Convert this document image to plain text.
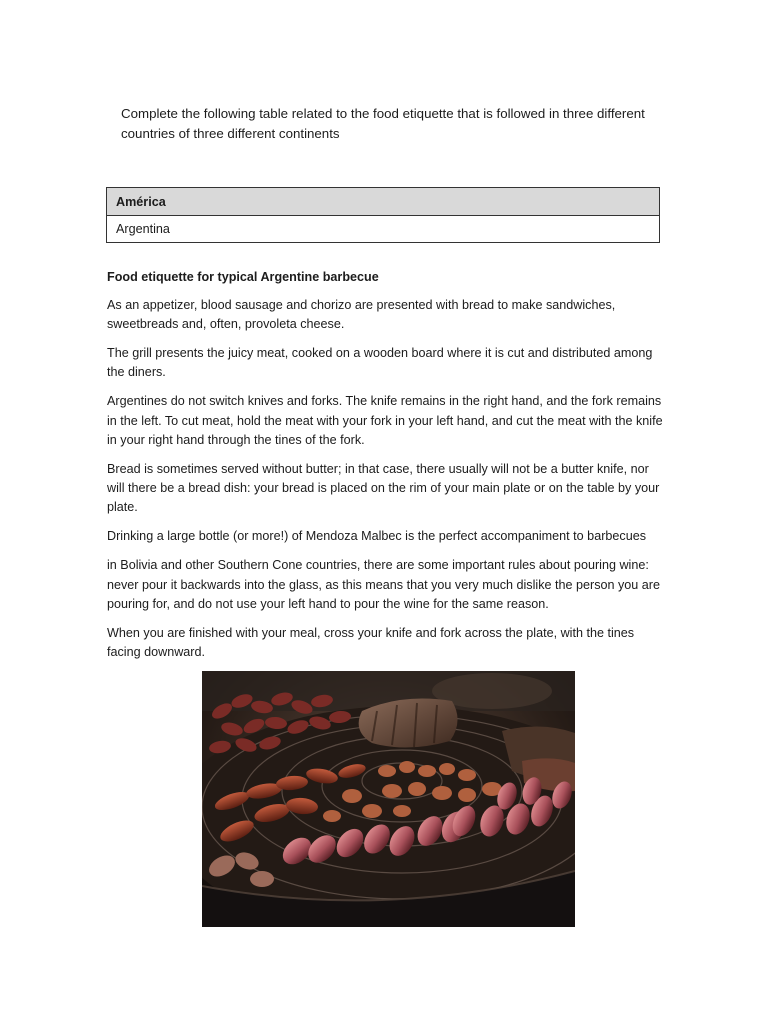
Complete the following table related to the food etiquette that is followed in three different countries of three different continents

América
Argentina
Food etiquette for typical Argentine barbecue

As an appetizer, blood sausage and chorizo are presented with bread to make sandwiches, sweetbreads and, often, provoleta cheese.

The grill presents the juicy meat, cooked on a wooden board where it is cut and distributed among the diners.

Argentines do not switch knives and forks. The knife remains in the right hand, and the fork remains in the left. To cut meat, hold the meat with your fork in your left hand, and cut the meat with the knife in your right hand through the tines of the fork.

Bread is sometimes served without butter; in that case, there usually will not be a butter knife, nor will there be a bread dish: your bread is placed on the rim of your main plate or on the table by your plate.

Drinking a large bottle (or more!) of Mendoza Malbec is the perfect accompaniment to barbecues

in Bolivia and other Southern Cone countries, there are some important rules about pouring wine: never pour it backwards into the glass, as this means that you very much dislike the person you are pouring for, and do not use your left hand to pour the wine for the same reason.

When you are finished with your meal, cross your knife and fork across the plate, with the tines facing downward.
